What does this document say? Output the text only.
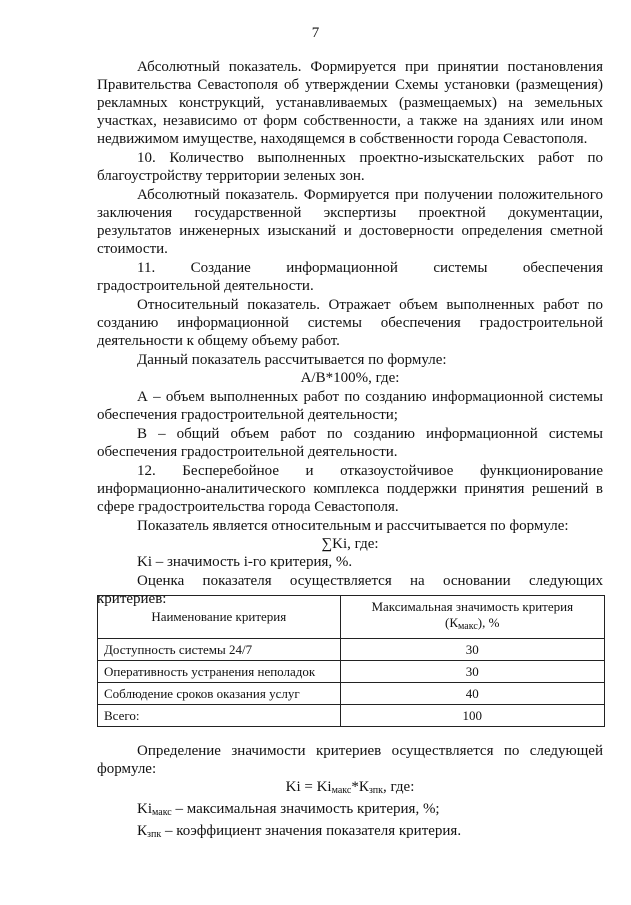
7

Абсолютный показатель. Формируется при принятии постановления Правительства Севастополя об утверждении Схемы установки (размещения) рекламных конструкций, устанавливаемых (размещаемых) на земельных участках, независимо от форм собственности, а также на зданиях или ином недвижимом имуществе, находящемся в собственности города Севастополя.

10. Количество выполненных проектно-изыскательских работ по благоустройству территории зеленых зон.

Абсолютный показатель. Формируется при получении положительного заключения государственной экспертизы проектной документации, результатов инженерных изысканий и достоверности определения сметной стоимости.

11. Создание информационной системы обеспечения градостроительной деятельности.

Относительный показатель. Отражает объем выполненных работ по созданию информационной системы обеспечения градостроительной деятельности к общему объему работ.

Данный показатель рассчитывается по формуле:

А/В*100%, где:

А – объем выполненных работ по созданию информационной системы обеспечения градостроительной деятельности;

В – общий объем работ по созданию информационной системы обеспечения градостроительной деятельности.

12. Бесперебойное и отказоустойчивое функционирование информационно-аналитического комплекса поддержки принятия решений в сфере градостроительства города Севастополя.

Показатель является относительным и рассчитывается по формуле:

∑Ki, где:

Ki – значимость i-го критерия, %.

Оценка показателя осуществляется на основании следующих критериев:

Наименование критерия	Максимальная значимость критерия
$(К_{макс})$, %
Доступность системы 24/7	30
Оперативность устранения неполадок	30
Соблюдение сроков оказания услуг	40
Всего:	100

Определение значимости критериев осуществляется по следующей формуле:

$Ki = Ki_{макс}*К_{зпк}$, где:

$Ki_{макс}$ – максимальная значимость критерия, %;

$К_{зпк}$ – коэффициент значения показателя критерия.
